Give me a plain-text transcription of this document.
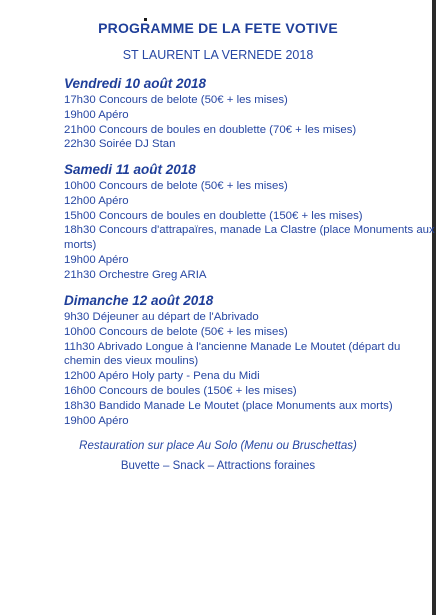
PROGRAMME DE LA FETE VOTIVE
ST LAURENT LA VERNEDE 2018
Vendredi 10 août 2018
17h30 Concours de belote (50€ + les mises)
19h00 Apéro
21h00 Concours de boules en doublette (70€ + les mises)
22h30 Soirée DJ Stan
Samedi 11 août 2018
10h00 Concours de belote (50€ + les mises)
12h00 Apéro
15h00 Concours de boules en doublette (150€ + les mises)
18h30 Concours d'attrapaïres, manade La Clastre (place Monuments aux morts)
19h00 Apéro
21h30 Orchestre Greg ARIA
Dimanche 12 août 2018
9h30 Déjeuner au départ de l'Abrivado
10h00 Concours de belote (50€ + les mises)
11h30 Abrivado Longue à l'ancienne Manade Le Moutet (départ du chemin des vieux moulins)
12h00 Apéro Holy party - Pena du Midi
16h00 Concours de boules (150€ + les mises)
18h30 Bandido Manade Le Moutet (place Monuments aux morts)
19h00 Apéro
Restauration sur place Au Solo (Menu ou Bruschettas)
Buvette – Snack – Attractions foraines
